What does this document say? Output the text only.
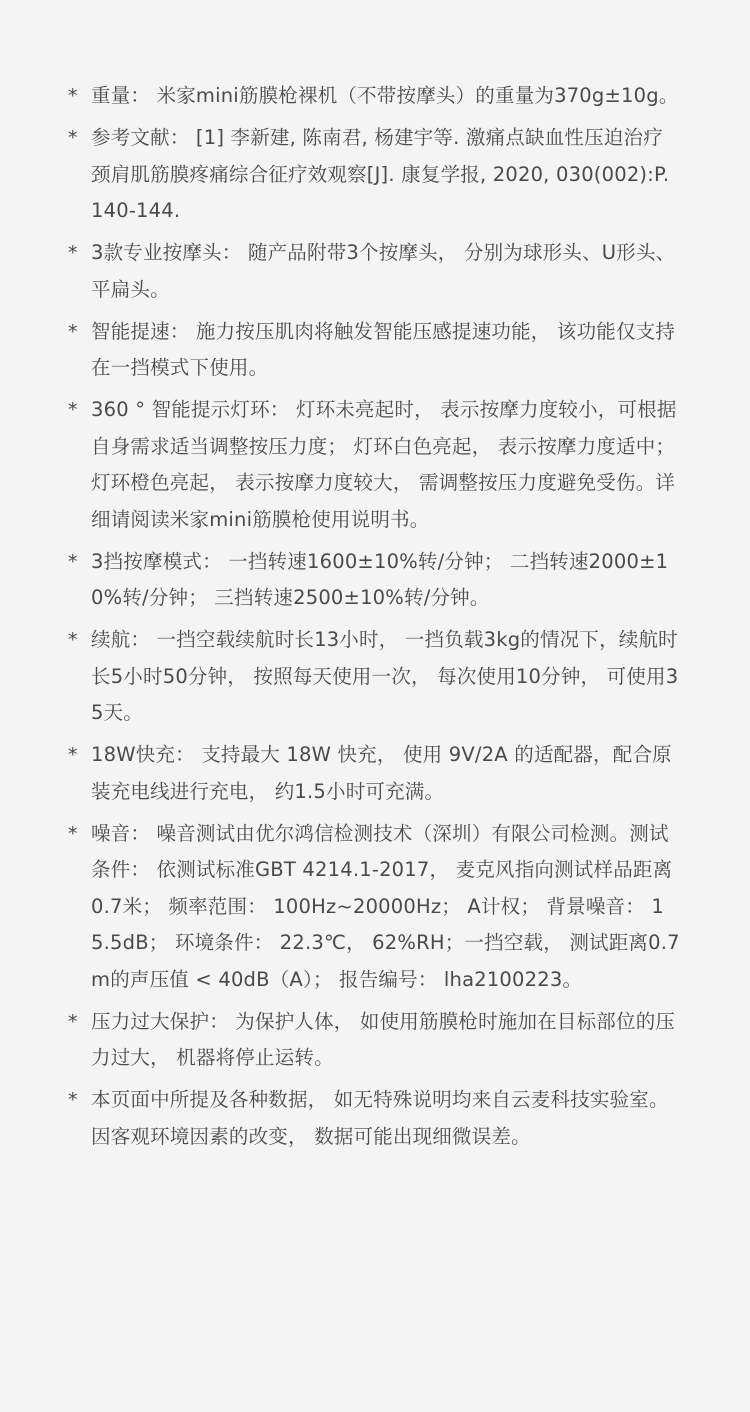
* 重量： 米家mini筋膜枪裸机（不带按摩头）的重量为370g±10g。
* 参考文献： [1] 李新建, 陈南君, 杨建宇等. 激痛点缺血性压迫治疗颈肩肌筋膜疼痛综合征疗效观察[J]. 康复学报, 2020, 030(002):P.140-144.
* 3款专业按摩头： 随产品附带3个按摩头， 分别为球形头、U形头、平扁头。
* 智能提速： 施力按压肌肉将触发智能压感提速功能， 该功能仅支持在一挡模式下使用。
* 360 ° 智能提示灯环： 灯环未亮起时， 表示按摩力度较小，可根据自身需求适当调整按压力度； 灯环白色亮起， 表示按摩力度适中； 灯环橙色亮起， 表示按摩力度较大， 需调整按压力度避免受伤。详细请阅读米家mini筋膜枪使用说明书。
* 3挡按摩模式： 一挡转速1600±10%转/分钟； 二挡转速2000±10%转/分钟； 三挡转速2500±10%转/分钟。
* 续航： 一挡空载续航时长13小时， 一挡负载3kg的情况下，续航时长5小时50分钟， 按照每天使用一次， 每次使用10分钟， 可使用35天。
* 18W快充： 支持最大 18W 快充， 使用 9V/2A 的适配器，配合原装充电线进行充电， 约1.5小时可充满。
* 噪音： 噪音测试由优尔鸿信检测技术（深圳）有限公司检测。测试条件： 依测试标准GBT 4214.1-2017， 麦克风指向测试样品距离0.7米； 频率范围： 100Hz~20000Hz； A计权； 背景噪音： 15.5dB； 环境条件： 22.3℃， 62%RH；一挡空载， 测试距离0.7m的声压值 < 40dB（A）； 报告编号： lha2100223。
* 压力过大保护： 为保护人体， 如使用筋膜枪时施加在目标部位的压力过大， 机器将停止运转。
* 本页面中所提及各种数据， 如无特殊说明均来自云麦科技实验室。因客观环境因素的改变， 数据可能出现细微误差。
